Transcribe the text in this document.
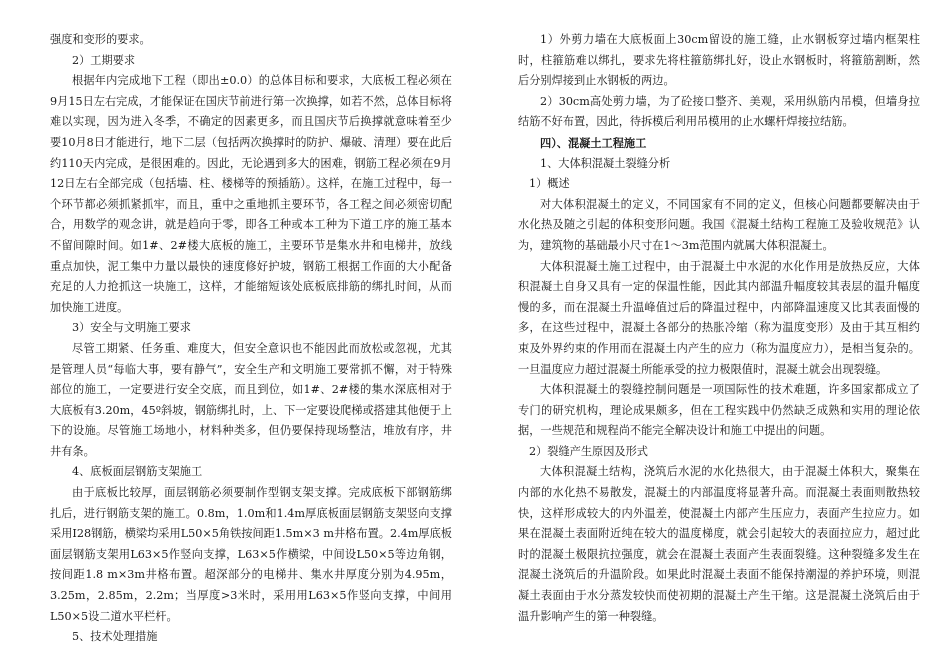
强度和变形的要求。

2）工期要求

根据年内完成地下工程（即出±0.0）的总体目标和要求，大底板工程必须在9月15日左右完成，才能保证在国庆节前进行第一次换撑，如若不然，总体目标将难以实现，因为进入冬季，不确定的因素更多，而且国庆节后换撑就意味着至少要10月8日才能进行，地下二层（包括两次换撑时的防护、爆破、清理）要在此后约110天内完成，是很困难的。因此，无论遇到多大的困难，钢筋工程必须在9月12日左右全部完成（包括墙、柱、楼梯等的预插筋）。这样，在施工过程中，每一个环节都必须抓紧抓牢，而且，重中之重地抓主要环节，各工程之间必须密切配合，用数学的观念讲，就是趋向于零，即各工种或本工种为下道工序的施工基本不留间隙时间。如1#、2#楼大底板的施工，主要环节是集水井和电梯井，放线重点加快，泥工集中力量以最快的速度修好护坡，钢筋工根据工作面的大小配备充足的人力抢抓这一块施工，这样，才能缩短该处底板底排筋的绑扎时间，从而加快施工进度。

3）安全与文明施工要求

尽管工期紧、任务重、难度大，但安全意识也不能因此而放松或忽视，尤其是管理人员“每临大事，要有静气”，安全生产和文明施工要常抓不懈，对于特殊部位的施工，一定要进行安全交底，而且到位，如1#、2#楼的集水深底相对于大底板有3.20m，45º斜坡，钢筋绑扎时，上、下一定要设爬梯或搭建其他便于上下的设施。尽管施工场地小，材料种类多，但仍要保持现场整洁，堆放有序，井井有条。

4、底板面层钢筋支架施工

由于底板比较厚，面层钢筋必须要制作型钢支架支撑。完成底板下部钢筋绑扎后，进行钢筋支架的施工。0.8m，1.0m和1.4m厚底板面层钢筋支架竖向支撑采用Ⅰ28钢筋，横梁均采用L50×5角铁按间距1.5m×3 m井格布置。2.4m厚底板面层钢筋支架用L63×5作竖向支撑，L63×5作横梁，中间设L50×5等边角钢，按间距1.8 m×3m井格布置。超深部分的电梯井、集水井厚度分别为4.95m，3.25m，2.85m，2.2m；当厚度>3米时，采用用L63×5作竖向支撑，中间用L50×5设二道水平栏杆。

5、技术处理措施

1）外剪力墙在大底板面上30cm留设的施工缝，止水钢板穿过墙内框架柱时，柱箍筋难以绑扎，要求先将柱箍筋绑扎好，设止水钢板时，将箍筋割断，然后分别焊接到止水钢板的两边。

2）30cm高处剪力墙，为了砼接口整齐、美观，采用纵筋内吊模，但墙身拉结筋不好布置，因此，待拆模后利用吊模用的止水螺杆焊接拉结筋。

四）、混凝土工程施工

1、大体积混凝土裂缝分析

1）概述

对大体积混凝土的定义，不同国家有不同的定义，但核心问题都要解决由于水化热及随之引起的体积变形问题。我国《混凝土结构工程施工及验收规范》认为，建筑物的基础最小尺寸在1～3m范围内就属大体积混凝土。

大体积混凝土施工过程中，由于混凝土中水泥的水化作用是放热反应，大体积混凝土自身又具有一定的保温性能，因此其内部温升幅度较其表层的温升幅度慢的多，而在混凝土升温峰值过后的降温过程中，内部降温速度又比其表面慢的多，在这些过程中，混凝土各部分的热胀冷缩（称为温度变形）及由于其互相约束及外界约束的作用而在混凝土内产生的应力（称为温度应力），是相当复杂的。一旦温度应力超过混凝土所能承受的拉力极限值时，混凝土就会出现裂缝。

大体积混凝土的裂缝控制问题是一项国际性的技术难题，许多国家都成立了专门的研究机构，理论成果颇多，但在工程实践中仍然缺乏成熟和实用的理论依据，一些规范和规程尚不能完全解决设计和施工中提出的问题。

2）裂缝产生原因及形式

大体积混凝土结构，浇筑后水泥的水化热很大，由于混凝土体积大，聚集在内部的水化热不易散发，混凝土的内部温度将显著升高。而混凝土表面则散热较快，这样形成较大的内外温差，使混凝土内部产生压应力，表面产生拉应力。如果在混凝土表面附近纯在较大的温度梯度，就会引起较大的表面拉应力，超过此时的混凝土极限抗拉强度，就会在混凝土表面产生表面裂缝。这种裂缝多发生在混凝土浇筑后的升温阶段。如果此时混凝土表面不能保持潮湿的养护环境，则混凝土表面由于水分蒸发较快而使初期的混凝土产生干缩。这是混凝土浇筑后由于温升影响产生的第一种裂缝。
